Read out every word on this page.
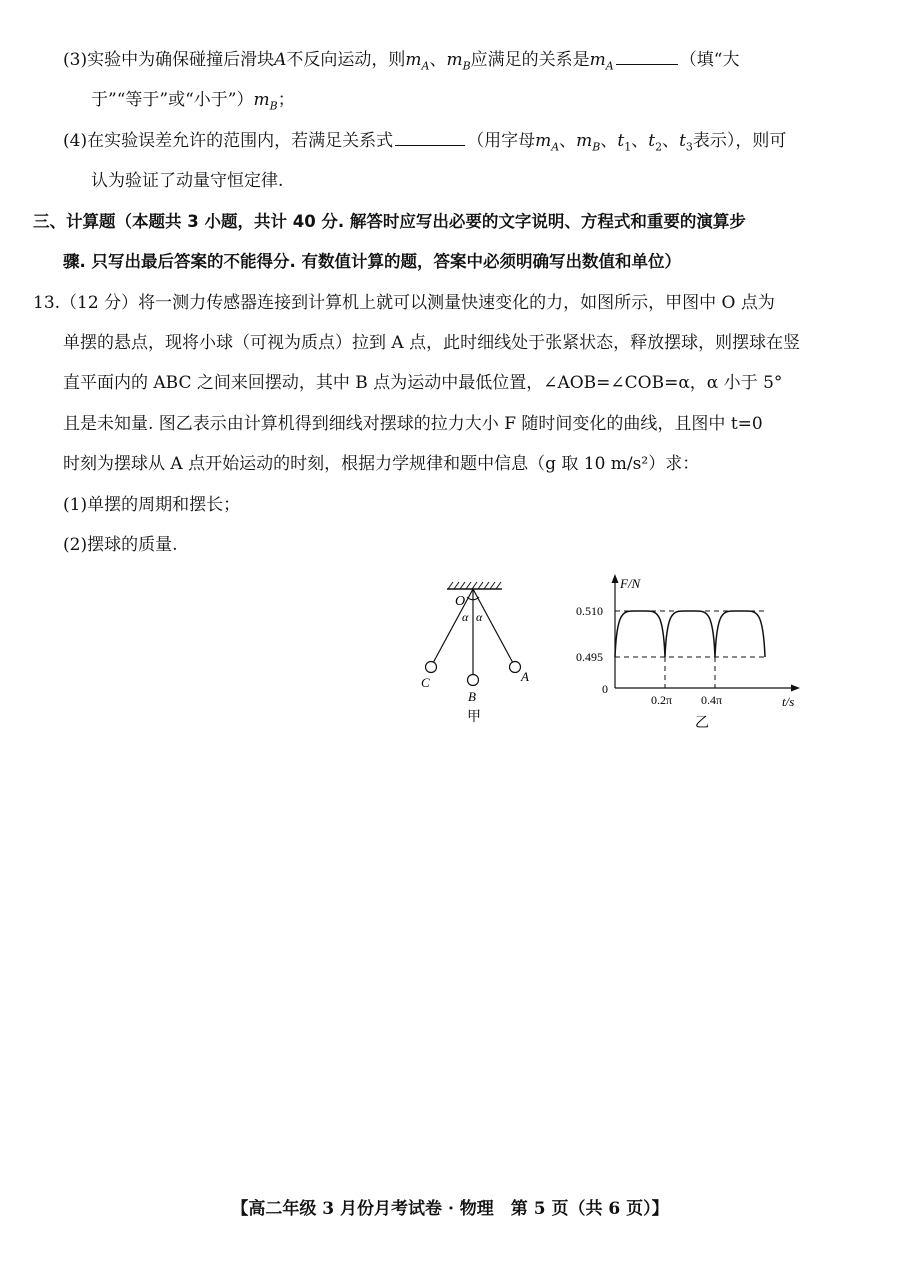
(3)实验中为确保碰撞后滑块A不反向运动，则$m_A$、$m_B$应满足的关系是$m_A$	（填“大
于”“等于”或“小于$”)m_B$；
(4)在实验误差允许的范围内，若满足关系式	（用字母$m_A$、$m_B$、$t_1$、$t_2$、$t_3$表示），则可
认为验证了动量守恒定律.
三、计算题（本题共 3 小题，共计 40 分. 解答时应写出必要的文字说明、方程式和重要的演算步
骤. 只写出最后答案的不能得分. 有数值计算的题，答案中必须明确写出数值和单位）
13.（12 分）将一测力传感器连接到计算机上就可以测量快速变化的力，如图所示，甲图中 O 点为
单摆的悬点，现将小球（可视为质点）拉到 A 点，此时细线处于张紧状态，释放摆球，则摆球在竖
直平面内的 ABC 之间来回摆动，其中 B 点为运动中最低位置，∠AOB=∠COB=α，α 小于 5°
且是未知量. 图乙表示由计算机得到细线对摆球的拉力大小 F 随时间变化的曲线，且图中 t=0
时刻为摆球从 A 点开始运动的时刻，根据力学规律和题中信息（g 取 10 m/s²）求：
(1)单摆的周期和摆长；
(2)摆球的质量.
O
α α
C
B
A
甲
F/N
t/s
0
0.510
0.495
0.2π 0.4π
乙
【高二年级 3 月份月考试卷 · 物理　第 5 页（共 6 页）】
